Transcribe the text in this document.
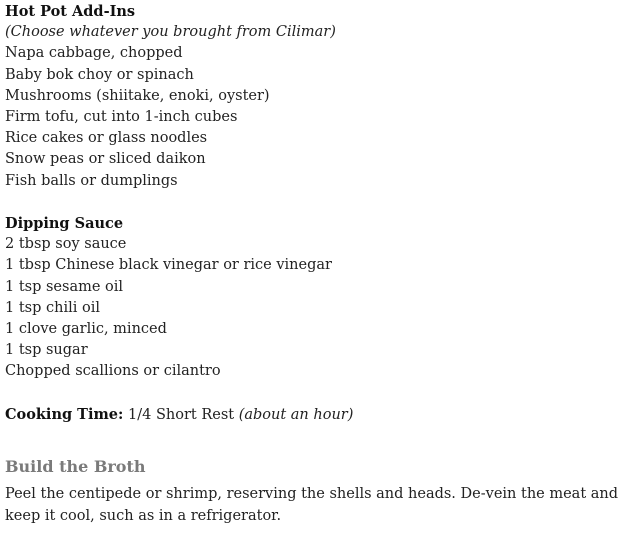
Hot Pot Add-Ins
(Choose whatever you brought from Cilimar)
Napa cabbage, chopped
Baby bok choy or spinach
Mushrooms (shiitake, enoki, oyster)
Firm tofu, cut into 1-inch cubes
Rice cakes or glass noodles
Snow peas or sliced daikon
Fish balls or dumplings
Dipping Sauce
2 tbsp soy sauce
1 tbsp Chinese black vinegar or rice vinegar
1 tsp sesame oil
1 tsp chili oil
1 clove garlic, minced
1 tsp sugar
Chopped scallions or cilantro
Cooking Time: 1/4 Short Rest (about an hour)
Build the Broth
Peel the centipede or shrimp, reserving the shells and heads. De-vein the meat and keep it cool, such as in a refrigerator.
